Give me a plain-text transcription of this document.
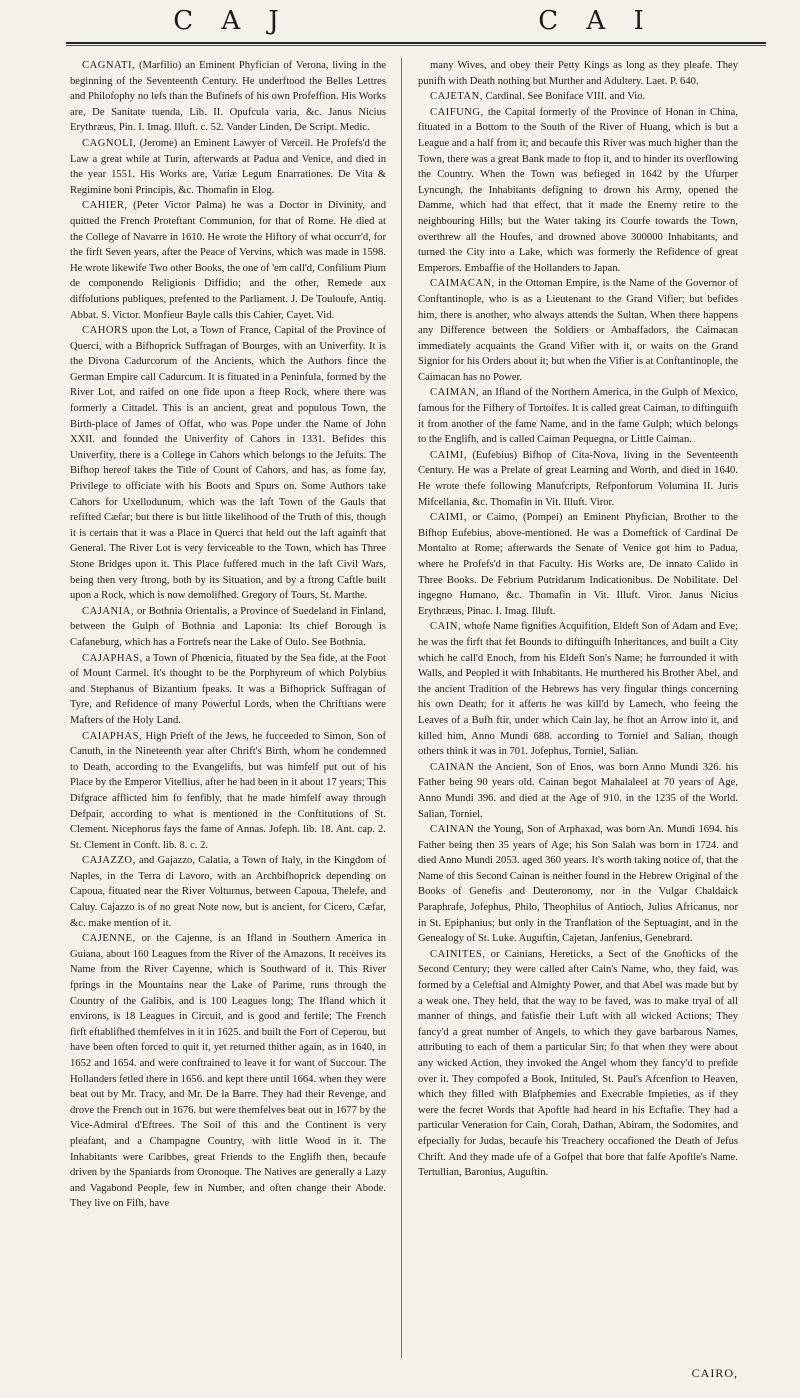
C A J	C A I

CAGNATI, (Marfilio) an Eminent Phyfician of Verona, living in the beginning of the Seventeenth Century. He underftood the Belles Lettres and Philofophy no lefs than the Bufinefs of his own Profeffion. His Works are, De Sanitate tuenda, Lib. II. Opufcula varia, &c. Janus Nicius Erythræus, Pin. I. Imag. Illuft. c. 52. Vander Linden, De Script. Medic.

CAGNOLI, (Jerome) an Eminent Lawyer of Verceil. He Profefs'd the Law a great while at Turin, afterwards at Padua and Venice, and died in the year 1551. His Works are, Variæ Legum Enarrationes. De Vita & Regimine boni Principis, &c. Thomafin in Elog.

CAHIER, (Peter Victor Palma) he was a Doctor in Divinity, and quitted the French Proteftant Communion, for that of Rome. He died at the College of Navarre in 1610. He wrote the Hiftory of what occurr'd, for the firft Seven years, after the Peace of Vervins, which was made in 1598. He wrote likewife Two other Books, the one of 'em call'd, Confilium Pium de componendo Religionis Diffidio; and the other, Remede aux diffolutions publiques, prefented to the Parliament. J. De Touloufe, Antiq. Abbat. S. Victor. Monfieur Bayle calls this Cahier, Cayet. Vid.

CAHORS upon the Lot, a Town of France, Capital of the Province of Querci, with a Bifhoprick Suffragan of Bourges, with an Univerfity. It is the Divona Cadurcorum of the Ancients, which the Authors fince the German Empire call Cadurcum. It is fituated in a Peninfula, formed by the River Lot, and raifed on one fide upon a fteep Rock, where there was formerly a Cittadel. This is an ancient, great and populous Town, the Birth-place of James of Offat, who was Pope under the Name of John XXII. and founded the Univerfity of Cahors in 1331. Befides this Univerfity, there is a College in Cahors which belongs to the Jefuits. The Bifhop hereof takes the Title of Count of Cahors, and has, as fome fay, Privilege to officiate with his Boots and Spurs on. Some Authors take Cahors for Uxellodunum, which was the laft Town of the Gauls that refifted Cæfar; but there is but little likelihood of the Truth of this, though it is certain that it was a Place in Querci that held out the laft againft that General. The River Lot is very ferviceable to the Town, which has Three Stone Bridges upon it. This Place fuffered much in the laft Civil Wars, being then very ftrong, both by its Situation, and by a ftrong Caftle built upon a Rock, which is now demolifhed. Gregory of Tours, St. Marthe.

CAJANIA, or Bothnia Orientalis, a Province of Suedeland in Finland, between the Gulph of Bothnia and Laponia: Its chief Borough is Cafaneburg, which has a Fortrefs near the Lake of Oulo. See Bothnia.

CAJAPHAS, a Town of Phœnicia, fituated by the Sea fide, at the Foot of Mount Carmel. It's thought to be the Porphyreum of which Polybius and Stephanus of Bizantium fpeaks. It was a Bifhoprick Suffragan of Tyre, and Refidence of many Powerful Lords, when the Chriftians were Mafters of the Holy Land.

CAIAPHAS, High Prieft of the Jews, he fucceeded to Simon, Son of Canuth, in the Nineteenth year after Chrift's Birth, whom he condemned to Death, according to the Evangelifts, but was himfelf put out of his Place by the Emperor Vitellius, after he had been in it about 17 years; This Difgrace afflicted him fo fenfibly, that he made himfelf away through Defpair, according to what is mentioned in the Conftitutions of St. Clement. Nicephorus fays the fame of Annas. Jofeph. lib. 18. Ant. cap. 2. St. Clement in Conft. lib. 8. c. 2.

CAJAZZO, and Gajazzo, Calatia, a Town of Italy, in the Kingdom of Naples, in the Terra di Lavoro, with an Archbifhoprick depending on Capoua, fituated near the River Volturnus, between Capoua, Thelefe, and Caluy. Cajazzo is of no great Note now, but is ancient, for Cicero, Cæfar, &c. make mention of it.

CAJENNE, or the Cajenne, is an Ifland in Southern America in Guiana, about 160 Leagues from the River of the Amazons. It receives its Name from the River Cayenne, which is Southward of it. This River fprings in the Mountains near the Lake of Parime, runs through the Country of the Galibis, and is 100 Leagues long; The Ifland which it environs, is 18 Leagues in Circuit, and is good and fertile; The French firft eftablifhed themfelves in it in 1625. and built the Fort of Ceperou, but have been often forced to quit it, yet returned thither again, as in 1640, in 1652 and 1654. and were conftrained to leave it for want of Succour. The Hollanders fetled there in 1656. and kept there until 1664. when they were beat out by Mr. Tracy, and Mr. De la Barre. They had their Revenge, and drove the French out in 1676. but were themfelves beat out in 1677 by the Vice-Admiral d'Eftrees. The Soil of this and the Continent is very pleafant, and a Champagne Country, with little Wood in it. The Inhabitants were Caribbes, great Friends to the Englifh then, becaufe driven by the Spaniards from Oronoque. The Natives are generally a Lazy and Vagabond People, few in Number, and often change their Abode. They live on Fifh, have

many Wives, and obey their Petty Kings as long as they pleafe. They punifh with Death nothing but Murther and Adultery. Laet. P. 640.

CAJETAN, Cardinal. See Boniface VIII. and Vio.

CAIFUNG, the Capital formerly of the Province of Honan in China, fituated in a Bottom to the South of the River of Huang, which is but a League and a half from it; and becaufe this River was much higher than the Town, there was a great Bank made to ftop it, and to hinder its overflowing the Country. When the Town was befieged in 1642 by the Ufurper Lyncungh, the Inhabitants defigning to drown his Army, opened the Damme, which had that effect, that it made the Enemy retire to the neighbouring Hills; but the Water taking its Courfe towards the Town, overthrew all the Houfes, and drowned above 300000 Inhabitants, and turned the City into a Lake, which was formerly the Refidence of great Emperors. Embaffie of the Hollanders to Japan.

CAIMACAN, in the Ottoman Empire, is the Name of the Governor of Conftantinople, who is as a Lieutenant to the Grand Vifier; but befides him, there is another, who always attends the Sultan. When there happens any Difference between the Soldiers or Ambaffadors, the Caimacan immediately acquaints the Grand Vifier with it, or waits on the Grand Signior for his Orders about it; but when the Vifier is at Conftantinople, the Caimacan has no Power.

CAIMAN, an Ifland of the Northern America, in the Gulph of Mexico, famous for the Fifhery of Tortoifes. It is called great Caiman, to diftinguifh it from another of the fame Name, and in the fame Gulph; which belongs to the Englifh, and is called Caiman Pequegna, or Little Caiman.

CAIMI, (Eufebius) Bifhop of Cita-Nova, living in the Seventeenth Century. He was a Prelate of great Learning and Worth, and died in 1640. He wrote thefe following Manufcripts, Refponforum Volumina II. Juris Mifcellania, &c. Thomafin in Vit. Illuft. Viror.

CAIMI, or Caimo, (Pompei) an Eminent Phyfician, Brother to the Bifhop Eufebius, above-mentioned. He was a Domeftick of Cardinal De Montalto at Rome; afterwards the Senate of Venice got him to Padua, where he Profefs'd in that Faculty. His Works are, De innato Calido in Three Books. De Febrium Putridarum Indicationibus. De Nobilitate. Del ingegno Humano, &c. Thomafin in Vit. Illuft. Viror. Janus Nicius Erythræus, Pinac. I. Imag. Illuft.

CAIN, whofe Name fignifies Acquifition, Eldeft Son of Adam and Eve; he was the firft that fet Bounds to diftinguifh Inheritances, and built a City which he call'd Enoch, from his Eldeft Son's Name; he furrounded it with Walls, and Peopled it with Inhabitants. He murthered his Brother Abel, and the ancient Tradition of the Hebrews has very fingular things concerning his own Death; for it afferts he was kill'd by Lamech, who feeing the Leaves of a Bufh ftir, under which Cain lay, he fhot an Arrow into it, and killed him, Anno Mundi 688. according to Torniel and Salian, though others think it was in 701. Jofephus, Torniel, Salian.

CAINAN the Ancient, Son of Enos, was born Anno Mundi 326. his Father being 90 years old. Cainan begot Mahalaleel at 70 years of Age, Anno Mundi 396. and died at the Age of 910. in the 1235 of the World. Salian, Torniel.

CAINAN the Young, Son of Arphaxad, was born An. Mundi 1694. his Father being then 35 years of Age; his Son Salah was born in 1724. and died Anno Mundi 2053. aged 360 years. It's worth taking notice of, that the Name of this Second Cainan is neither found in the Hebrew Original of the Books of Genefis and Deuteronomy, nor in the Vulgar Chaldaick Paraphrafe, Jofephus, Philo, Theophilus of Antioch, Julius Africanus, nor in St. Epiphanius; but only in the Tranflation of the Septuagint, and in the Genealogy of St. Luke. Auguftin, Cajetan, Janfenius, Genebrard.

CAINITES, or Cainians, Hereticks, a Sect of the Gnofticks of the Second Century; they were called after Cain's Name, who, they faid, was formed by a Celeftial and Almighty Power, and that Abel was made but by a weak one. They held, that the way to be faved, was to make tryal of all manner of things, and fatisfie their Luft with all wicked Actions; They fancy'd a great number of Angels, to which they gave barbarous Names, attributing to each of them a particular Sin; fo that when they were about any wicked Action, they invoked the Angel whom they fancy'd to prefide over it. They compofed a Book, Intituled, St. Paul's Afcenfion to Heaven, which they filled with Blafphemies and Execrable Impieties, as if they were the fecret Words that Apoftle had heard in his Ecftafie. They had a particular Veneration for Cain, Corah, Dathan, Abiram, the Sodomites, and efpecially for Judas, becaufe his Treachery occafioned the Death of Jefus Chrift. And they made ufe of a Gofpel that bore that falfe Apoftle's Name. Tertullian, Baronius, Auguftin.

CAIRO,
